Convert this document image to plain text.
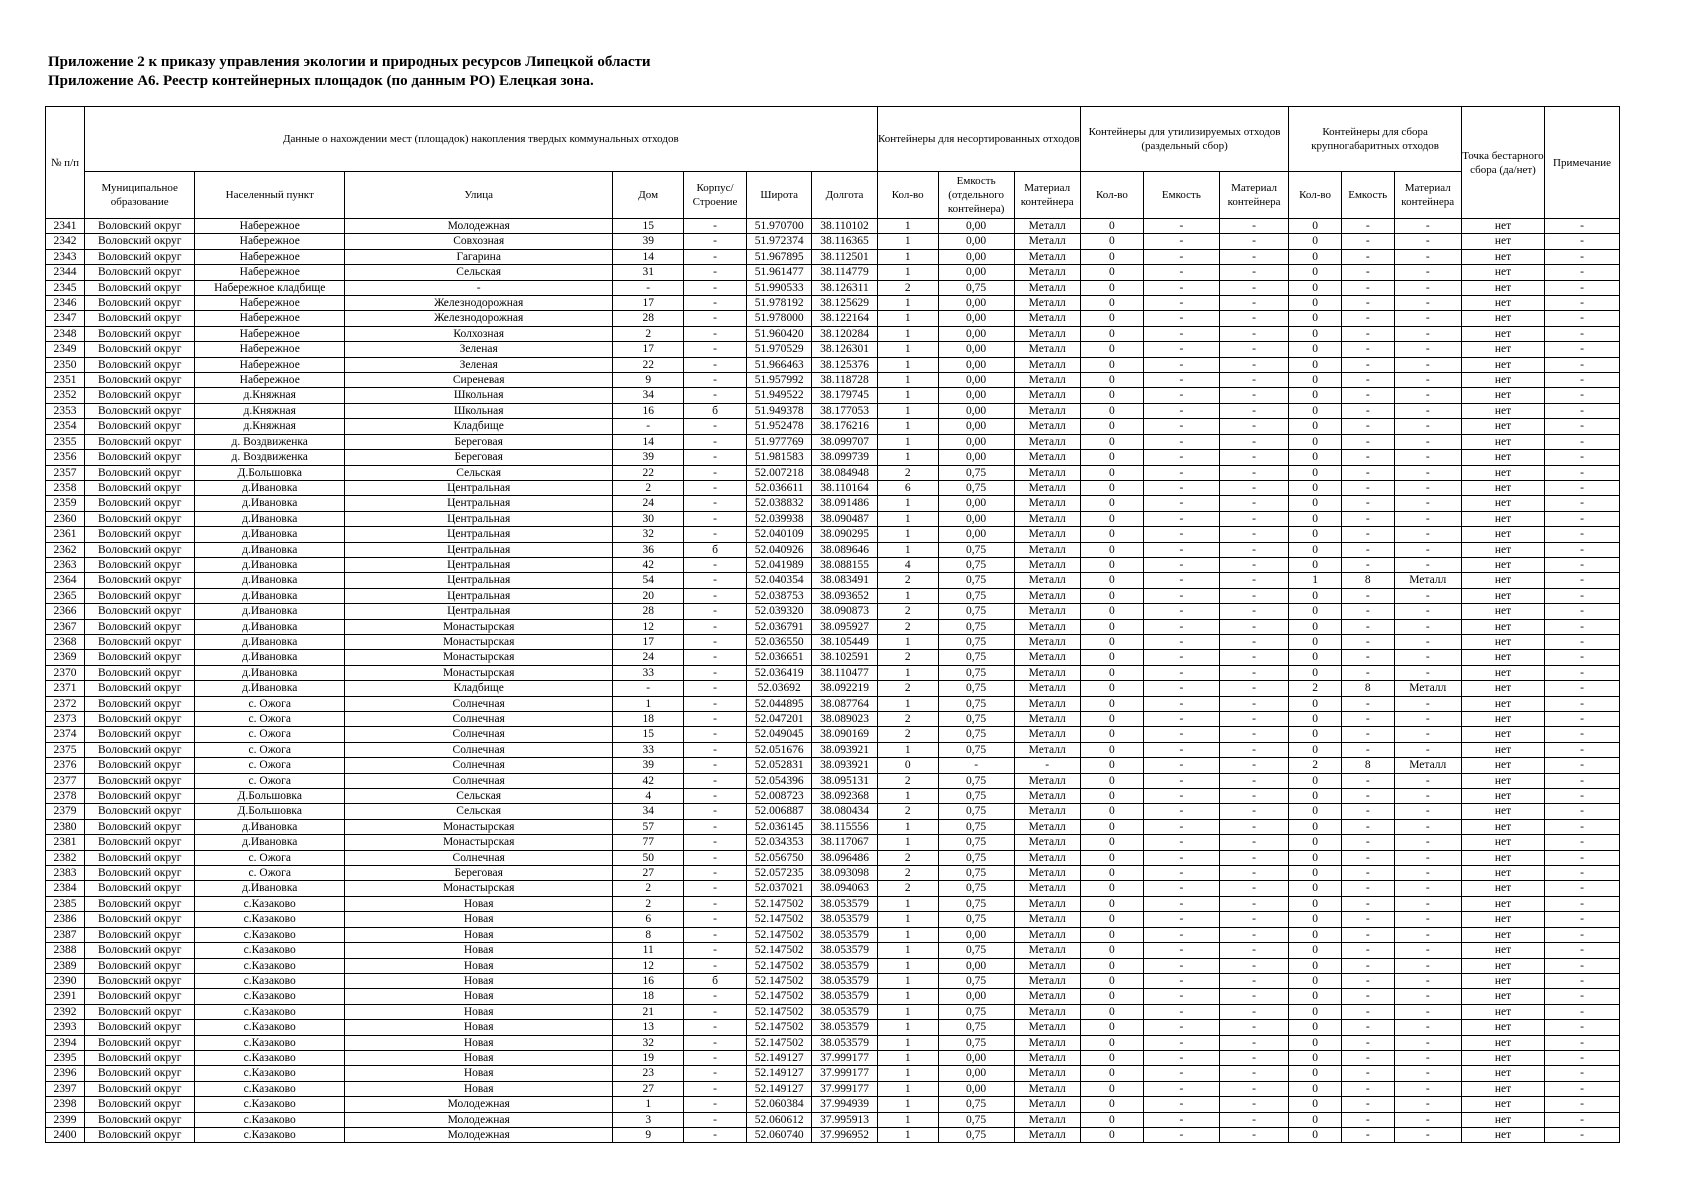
Приложение 2 к приказу управления экологии и природных ресурсов Липецкой области
Приложение А6. Реестр контейнерных площадок (по данным РО) Елецкая зона.
№ п/п	Данные о нахождении мест (площадок) накопления твердых коммунальных отходов							Контейнеры для несортированных отходов			Контейнеры для утилизируемых отходов (раздельный сбор)			Контейнеры для сбора крупногабаритных отходов			Точка бестарного сбора (да/нет)	Примечание
	Муниципальное образование	Населенный пункт	Улица	Дом	Корпус/ Строение	Широта	Долгота	Кол-во	Емкость (отдельного контейнера)	Материал контейнера	Кол-во	Емкость	Материал контейнера	Кол-во	Емкость	Материал контейнера		
2341	Воловский округ	Набережное	Молодежная	15	-	51.970700	38.110102	1	0,00	Металл	0	-	-	0	-	-	нет	-
2342	Воловский округ	Набережное	Совхозная	39	-	51.972374	38.116365	1	0,00	Металл	0	-	-	0	-	-	нет	-
2343	Воловский округ	Набережное	Гагарина	14	-	51.967895	38.112501	1	0,00	Металл	0	-	-	0	-	-	нет	-
2344	Воловский округ	Набережное	Сельская	31	-	51.961477	38.114779	1	0,00	Металл	0	-	-	0	-	-	нет	-
2345	Воловский округ	Набережное кладбище	-	-	-	51.990533	38.126311	2	0,75	Металл	0	-	-	0	-	-	нет	-
2346	Воловский округ	Набережное	Железнодорожная	17	-	51.978192	38.125629	1	0,00	Металл	0	-	-	0	-	-	нет	-
2347	Воловский округ	Набережное	Железнодорожная	28	-	51.978000	38.122164	1	0,00	Металл	0	-	-	0	-	-	нет	-
2348	Воловский округ	Набережное	Колхозная	2	-	51.960420	38.120284	1	0,00	Металл	0	-	-	0	-	-	нет	-
2349	Воловский округ	Набережное	Зеленая	17	-	51.970529	38.126301	1	0,00	Металл	0	-	-	0	-	-	нет	-
2350	Воловский округ	Набережное	Зеленая	22	-	51.966463	38.125376	1	0,00	Металл	0	-	-	0	-	-	нет	-
2351	Воловский округ	Набережное	Сиреневая	9	-	51.957992	38.118728	1	0,00	Металл	0	-	-	0	-	-	нет	-
2352	Воловский округ	д.Княжная	Школьная	34	-	51.949522	38.179745	1	0,00	Металл	0	-	-	0	-	-	нет	-
2353	Воловский округ	д.Княжная	Школьная	16	б	51.949378	38.177053	1	0,00	Металл	0	-	-	0	-	-	нет	-
2354	Воловский округ	д.Княжная	Кладбище	-	-	51.952478	38.176216	1	0,00	Металл	0	-	-	0	-	-	нет	-
2355	Воловский округ	д. Воздвиженка	Береговая	14	-	51.977769	38.099707	1	0,00	Металл	0	-	-	0	-	-	нет	-
2356	Воловский округ	д. Воздвиженка	Береговая	39	-	51.981583	38.099739	1	0,00	Металл	0	-	-	0	-	-	нет	-
2357	Воловский округ	Д.Большовка	Сельская	22	-	52.007218	38.084948	2	0,75	Металл	0	-	-	0	-	-	нет	-
2358	Воловский округ	д.Ивановка	Центральная	2	-	52.036611	38.110164	6	0,75	Металл	0	-	-	0	-	-	нет	-
2359	Воловский округ	д.Ивановка	Центральная	24	-	52.038832	38.091486	1	0,00	Металл	0	-	-	0	-	-	нет	-
2360	Воловский округ	д.Ивановка	Центральная	30	-	52.039938	38.090487	1	0,00	Металл	0	-	-	0	-	-	нет	-
2361	Воловский округ	д.Ивановка	Центральная	32	-	52.040109	38.090295	1	0,00	Металл	0	-	-	0	-	-	нет	-
2362	Воловский округ	д.Ивановка	Центральная	36	б	52.040926	38.089646	1	0,75	Металл	0	-	-	0	-	-	нет	-
2363	Воловский округ	д.Ивановка	Центральная	42	-	52.041989	38.088155	4	0,75	Металл	0	-	-	0	-	-	нет	-
2364	Воловский округ	д.Ивановка	Центральная	54	-	52.040354	38.083491	2	0,75	Металл	0	-	-	1	8	Металл	нет	-
2365	Воловский округ	д.Ивановка	Центральная	20	-	52.038753	38.093652	1	0,75	Металл	0	-	-	0	-	-	нет	-
2366	Воловский округ	д.Ивановка	Центральная	28	-	52.039320	38.090873	2	0,75	Металл	0	-	-	0	-	-	нет	-
2367	Воловский округ	д.Ивановка	Монастырская	12	-	52.036791	38.095927	2	0,75	Металл	0	-	-	0	-	-	нет	-
2368	Воловский округ	д.Ивановка	Монастырская	17	-	52.036550	38.105449	1	0,75	Металл	0	-	-	0	-	-	нет	-
2369	Воловский округ	д.Ивановка	Монастырская	24	-	52.036651	38.102591	2	0,75	Металл	0	-	-	0	-	-	нет	-
2370	Воловский округ	д.Ивановка	Монастырская	33	-	52.036419	38.110477	1	0,75	Металл	0	-	-	0	-	-	нет	-
2371	Воловский округ	д.Ивановка	Кладбище	-	-	52.03692	38.092219	2	0,75	Металл	0	-	-	2	8	Металл	нет	-
2372	Воловский округ	с. Ожога	Солнечная	1	-	52.044895	38.087764	1	0,75	Металл	0	-	-	0	-	-	нет	-
2373	Воловский округ	с. Ожога	Солнечная	18	-	52.047201	38.089023	2	0,75	Металл	0	-	-	0	-	-	нет	-
2374	Воловский округ	с. Ожога	Солнечная	15	-	52.049045	38.090169	2	0,75	Металл	0	-	-	0	-	-	нет	-
2375	Воловский округ	с. Ожога	Солнечная	33	-	52.051676	38.093921	1	0,75	Металл	0	-	-	0	-	-	нет	-
2376	Воловский округ	с. Ожога	Солнечная	39	-	52.052831	38.093921	0	-	-	0	-	-	2	8	Металл	нет	-
2377	Воловский округ	с. Ожога	Солнечная	42	-	52.054396	38.095131	2	0,75	Металл	0	-	-	0	-	-	нет	-
2378	Воловский округ	Д.Большовка	Сельская	4	-	52.008723	38.092368	1	0,75	Металл	0	-	-	0	-	-	нет	-
2379	Воловский округ	Д.Большовка	Сельская	34	-	52.006887	38.080434	2	0,75	Металл	0	-	-	0	-	-	нет	-
2380	Воловский округ	д.Ивановка	Монастырская	57	-	52.036145	38.115556	1	0,75	Металл	0	-	-	0	-	-	нет	-
2381	Воловский округ	д.Ивановка	Монастырская	77	-	52.034353	38.117067	1	0,75	Металл	0	-	-	0	-	-	нет	-
2382	Воловский округ	с. Ожога	Солнечная	50	-	52.056750	38.096486	2	0,75	Металл	0	-	-	0	-	-	нет	-
2383	Воловский округ	с. Ожога	Береговая	27	-	52.057235	38.093098	2	0,75	Металл	0	-	-	0	-	-	нет	-
2384	Воловский округ	д.Ивановка	Монастырская	2	-	52.037021	38.094063	2	0,75	Металл	0	-	-	0	-	-	нет	-
2385	Воловский округ	с.Казаково	Новая	2	-	52.147502	38.053579	1	0,75	Металл	0	-	-	0	-	-	нет	-
2386	Воловский округ	с.Казаково	Новая	6	-	52.147502	38.053579	1	0,75	Металл	0	-	-	0	-	-	нет	-
2387	Воловский округ	с.Казаково	Новая	8	-	52.147502	38.053579	1	0,00	Металл	0	-	-	0	-	-	нет	-
2388	Воловский округ	с.Казаково	Новая	11	-	52.147502	38.053579	1	0,75	Металл	0	-	-	0	-	-	нет	-
2389	Воловский округ	с.Казаково	Новая	12	-	52.147502	38.053579	1	0,00	Металл	0	-	-	0	-	-	нет	-
2390	Воловский округ	с.Казаково	Новая	16	б	52.147502	38.053579	1	0,75	Металл	0	-	-	0	-	-	нет	-
2391	Воловский округ	с.Казаково	Новая	18	-	52.147502	38.053579	1	0,00	Металл	0	-	-	0	-	-	нет	-
2392	Воловский округ	с.Казаково	Новая	21	-	52.147502	38.053579	1	0,75	Металл	0	-	-	0	-	-	нет	-
2393	Воловский округ	с.Казаково	Новая	13	-	52.147502	38.053579	1	0,75	Металл	0	-	-	0	-	-	нет	-
2394	Воловский округ	с.Казаково	Новая	32	-	52.147502	38.053579	1	0,75	Металл	0	-	-	0	-	-	нет	-
2395	Воловский округ	с.Казаково	Новая	19	-	52.149127	37.999177	1	0,00	Металл	0	-	-	0	-	-	нет	-
2396	Воловский округ	с.Казаково	Новая	23	-	52.149127	37.999177	1	0,00	Металл	0	-	-	0	-	-	нет	-
2397	Воловский округ	с.Казаково	Новая	27	-	52.149127	37.999177	1	0,00	Металл	0	-	-	0	-	-	нет	-
2398	Воловский округ	с.Казаково	Молодежная	1	-	52.060384	37.994939	1	0,75	Металл	0	-	-	0	-	-	нет	-
2399	Воловский округ	с.Казаково	Молодежная	3	-	52.060612	37.995913	1	0,75	Металл	0	-	-	0	-	-	нет	-
2400	Воловский округ	с.Казаково	Молодежная	9	-	52.060740	37.996952	1	0,75	Металл	0	-	-	0	-	-	нет	-
